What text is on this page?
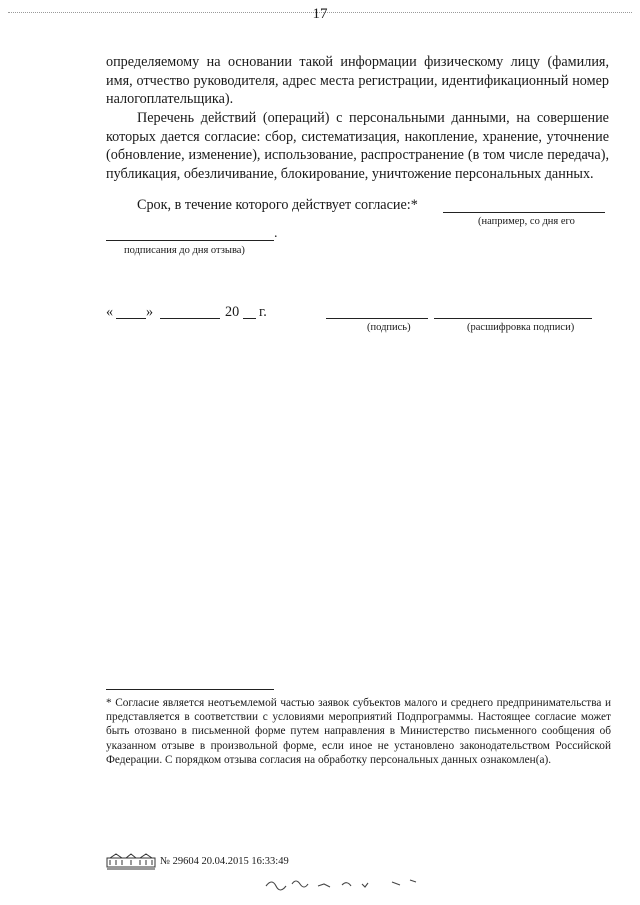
17

определяемому на основании такой информации физическому лицу (фамилия, имя, отчество руководителя, адрес места регистрации, идентификационный номер налогоплательщика).

Перечень действий (операций) с персональными данными, на совершение которых дается согласие: сбор, систематизация, накопление, хранение, уточнение (обновление, изменение), использование, распространение (в том числе передача), публикация, обезличивание, блокирование, уничтожение персональных данных.

Срок, в течение которого действует согласие:*
(например, со дня его
.
подписания до дня отзыва)
« »	20 г.
(подпись)	(расшифровка подписи)
* Согласие является неотъемлемой частью заявок субъектов малого и среднего предпринимательства и представляется в соответствии с условиями мероприятий Подпрограммы. Настоящее согласие может быть отозвано в письменной форме путем направления в Министерство письменного сообщения об указанном отзыве в произвольной форме, если иное не установлено законодательством Российской Федерации. С порядком отзыва согласия на обработку персональных данных ознакомлен(а).
№ 29604 20.04.2015 16:33:49
